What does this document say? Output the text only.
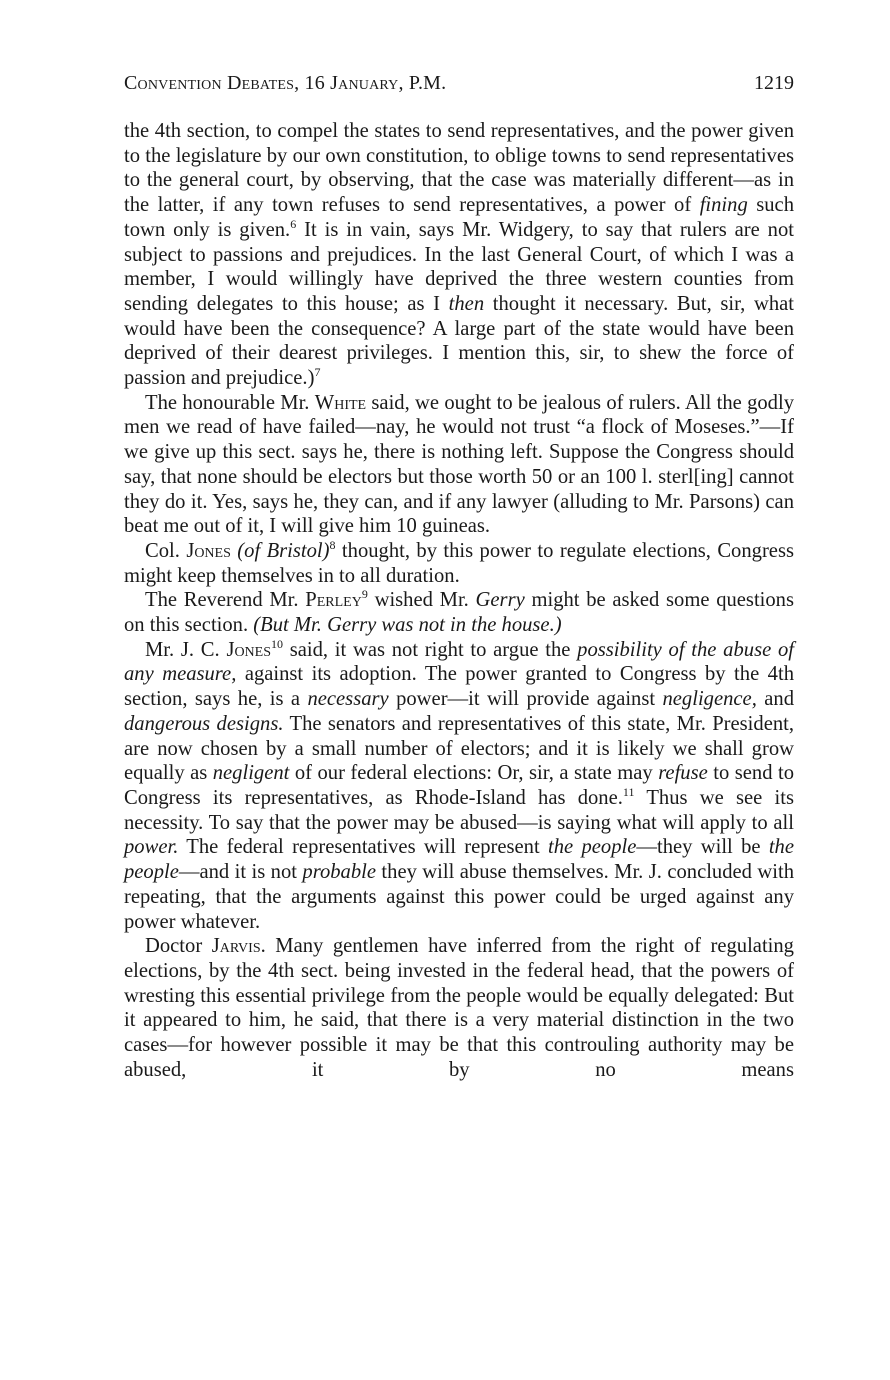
Convention Debates, 16 January, P.M.	1219

the 4th section, to compel the states to send representatives, and the power given to the legislature by our own constitution, to oblige towns to send representatives to the general court, by observing, that the case was materially different—as in the latter, if any town refuses to send representatives, a power of fining such town only is given.$^6$ It is in vain, says Mr. Widgery, to say that rulers are not subject to passions and prejudices. In the last General Court, of which I was a member, I would willingly have deprived the three western counties from sending delegates to this house; as I then thought it necessary. But, sir, what would have been the consequence? A large part of the state would have been deprived of their dearest privileges. I mention this, sir, to shew the force of passion and prejudice.)$^7$

The honourable Mr. White said, we ought to be jealous of rulers. All the godly men we read of have failed—nay, he would not trust “a flock of Moseses.”—If we give up this sect. says he, there is nothing left. Suppose the Congress should say, that none should be electors but those worth 50 or an 100 l. sterl[ing] cannot they do it. Yes, says he, they can, and if any lawyer (alluding to Mr. Parsons) can beat me out of it, I will give him 10 guineas.

Col. Jones (of Bristol)$^8$ thought, by this power to regulate elections, Congress might keep themselves in to all duration.

The Reverend Mr. Perley$^9$ wished Mr. Gerry might be asked some questions on this section. (But Mr. Gerry was not in the house.)

Mr. J. C. Jones$^{10}$ said, it was not right to argue the possibility of the abuse of any measure, against its adoption. The power granted to Congress by the 4th section, says he, is a necessary power—it will provide against negligence, and dangerous designs. The senators and representatives of this state, Mr. President, are now chosen by a small number of electors; and it is likely we shall grow equally as negligent of our federal elections: Or, sir, a state may refuse to send to Congress its representatives, as Rhode-Island has done.$^{11}$ Thus we see its necessity. To say that the power may be abused—is saying what will apply to all power. The federal representatives will represent the people—they will be the people—and it is not probable they will abuse themselves. Mr. J. concluded with repeating, that the arguments against this power could be urged against any power whatever.

Doctor Jarvis. Many gentlemen have inferred from the right of regulating elections, by the 4th sect. being invested in the federal head, that the powers of wresting this essential privilege from the people would be equally delegated: But it appeared to him, he said, that there is a very material distinction in the two cases—for however possible it may be that this controuling authority may be abused, it by no means
